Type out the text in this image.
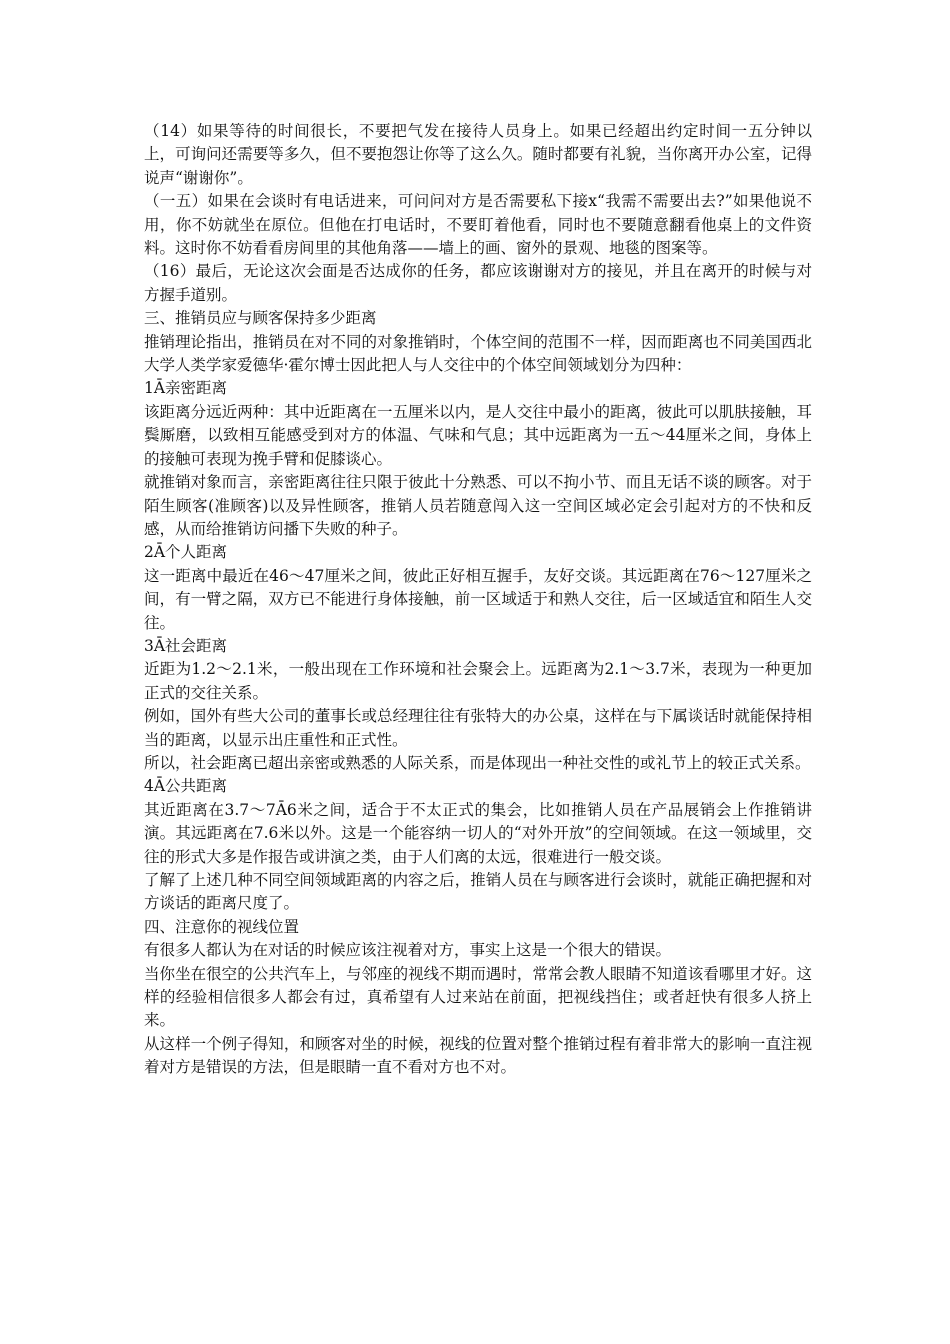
（14）如果等待的时间很长，不要把气发在接待人员身上。如果已经超出约定时间一五分钟以上，可询问还需要等多久，但不要抱怨让你等了这么久。随时都要有礼貌，当你离开办公室，记得说声“谢谢你”。

（一五）如果在会谈时有电话进来，可问问对方是否需要私下接x“我需不需要出去?”如果他说不用，你不妨就坐在原位。但他在打电话时，不要盯着他看，同时也不要随意翻看他桌上的文件资料。这时你不妨看看房间里的其他角落——墙上的画、窗外的景观、地毯的图案等。

（16）最后，无论这次会面是否达成你的任务，都应该谢谢对方的接见，并且在离开的时候与对方握手道别。

三、推销员应与顾客保持多少距离

推销理论指出，推销员在对不同的对象推销时，个体空间的范围不一样，因而距离也不同美国西北大学人类学家爱德华·霍尔博士因此把人与人交往中的个体空间领域划分为四种：

1Ā亲密距离

该距离分远近两种：其中近距离在一五厘米以内，是人交往中最小的距离，彼此可以肌肤接触，耳鬓厮磨，以致相互能感受到对方的体温、气味和气息；其中远距离为一五～44厘米之间，身体上的接触可表现为挽手臂和促膝谈心。

就推销对象而言，亲密距离往往只限于彼此十分熟悉、可以不拘小节、而且无话不谈的顾客。对于陌生顾客(准顾客)以及异性顾客，推销人员若随意闯入这一空间区域必定会引起对方的不快和反感，从而给推销访问播下失败的种子。

2Ā个人距离

这一距离中最近在46～47厘米之间，彼此正好相互握手，友好交谈。其远距离在76～127厘米之间，有一臂之隔，双方已不能进行身体接触，前一区域适于和熟人交往，后一区域适宜和陌生人交往。

3Ā社会距离

近距为1.2～2.1米，一般出现在工作环境和社会聚会上。远距离为2.1～3.7米，表现为一种更加正式的交往关系。

例如，国外有些大公司的董事长或总经理往往有张特大的办公桌，这样在与下属谈话时就能保持相当的距离，以显示出庄重性和正式性。

所以，社会距离已超出亲密或熟悉的人际关系，而是体现出一种社交性的或礼节上的较正式关系。

4Ā公共距离

其近距离在3.7～7Ā6米之间，适合于不太正式的集会，比如推销人员在产品展销会上作推销讲演。其远距离在7.6米以外。这是一个能容纳一切人的“对外开放”的空间领域。在这一领域里，交往的形式大多是作报告或讲演之类，由于人们离的太远，很难进行一般交谈。

了解了上述几种不同空间领域距离的内容之后，推销人员在与顾客进行会谈时，就能正确把握和对方谈话的距离尺度了。

四、注意你的视线位置

有很多人都认为在对话的时候应该注视着对方，事实上这是一个很大的错误。

当你坐在很空的公共汽车上，与邻座的视线不期而遇时，常常会教人眼睛不知道该看哪里才好。这样的经验相信很多人都会有过，真希望有人过来站在前面，把视线挡住；或者赶快有很多人挤上来。

从这样一个例子得知，和顾客对坐的时候，视线的位置对整个推销过程有着非常大的影响一直注视着对方是错误的方法，但是眼睛一直不看对方也不对。
